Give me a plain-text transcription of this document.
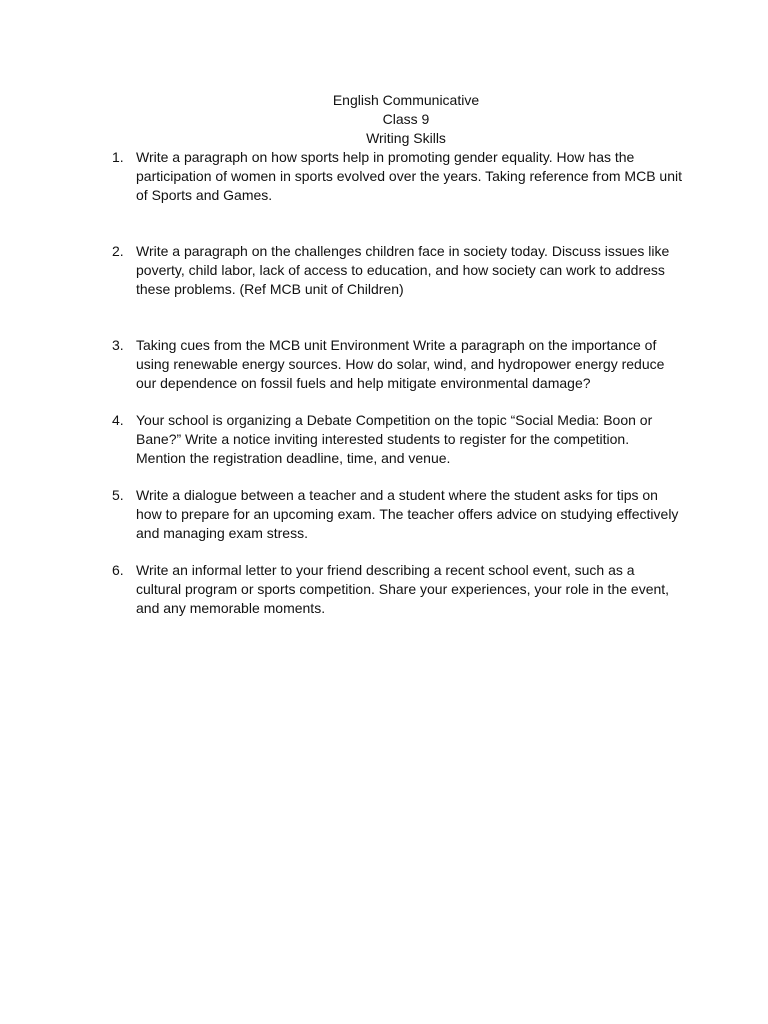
English Communicative
Class 9
Writing Skills
1. Write a paragraph on how sports help in promoting gender equality. How has the participation of women in sports evolved over the years. Taking reference from MCB unit of Sports and Games.
2. Write a paragraph on the challenges children face in society today. Discuss issues like poverty, child labor, lack of access to education, and how society can work to address these problems. (Ref MCB unit of Children)
3. Taking cues from the MCB unit Environment Write a paragraph on the importance of using renewable energy sources. How do solar, wind, and hydropower energy reduce our dependence on fossil fuels and help mitigate environmental damage?
4. Your school is organizing a Debate Competition on the topic “Social Media: Boon or Bane?” Write a notice inviting interested students to register for the competition. Mention the registration deadline, time, and venue.
5. Write a dialogue between a teacher and a student where the student asks for tips on how to prepare for an upcoming exam. The teacher offers advice on studying effectively and managing exam stress.
6. Write an informal letter to your friend describing a recent school event, such as a cultural program or sports competition. Share your experiences, your role in the event, and any memorable moments.
